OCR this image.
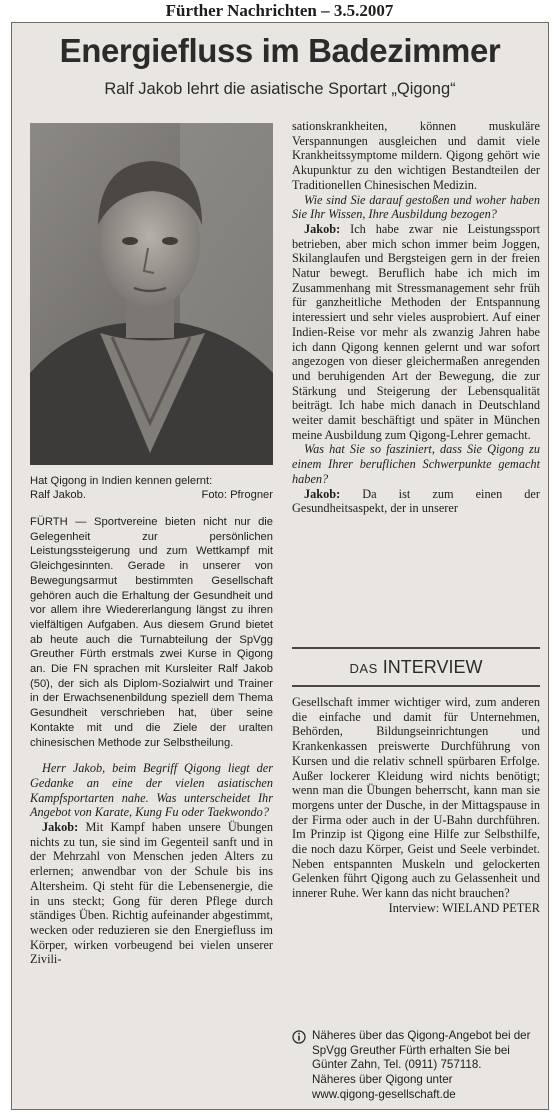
Fürther Nachrichten – 3.5.2007
Energiefluss im Badezimmer
Ralf Jakob lehrt die asiatische Sportart „Qigong“
Hat Qigong in Indien kennen gelernt:
Ralf Jakob.	Foto: Pfrogner

FÜRTH — Sportvereine bieten nicht nur die Gelegenheit zur persönlichen Leistungssteigerung und zum Wettkampf mit Gleichgesinnten. Gerade in unserer von Bewegungsarmut bestimmten Gesellschaft gehören auch die Erhaltung der Gesundheit und vor allem ihre Wiedererlangung längst zu ihren vielfältigen Aufgaben. Aus diesem Grund bietet ab heute auch die Turnabteilung der SpVgg Greuther Fürth erstmals zwei Kurse in Qigong an. Die FN sprachen mit Kursleiter Ralf Jakob (50), der sich als Diplom-Sozialwirt und Trainer in der Erwachsenenbildung speziell dem Thema Gesundheit verschrieben hat, über seine Kontakte mit und die Ziele der uralten chinesischen Methode zur Selbstheilung.

Herr Jakob, beim Begriff Qigong liegt der Gedanke an eine der vielen asiatischen Kampfsportarten nahe. Was unterscheidet Ihr Angebot von Karate, Kung Fu oder Taekwondo?

Jakob: Mit Kampf haben unsere Übungen nichts zu tun, sie sind im Gegenteil sanft und in der Mehrzahl von Menschen jeden Alters zu erlernen; anwendbar von der Schule bis ins Altersheim. Qi steht für die Lebensenergie, die in uns steckt; Gong für deren Pflege durch ständiges Üben. Richtig aufeinander abgestimmt, wecken oder reduzieren sie den Energiefluss im Körper, wirken vorbeugend bei vielen unserer Zivili-

sationskrankheiten, können muskuläre Verspannungen ausgleichen und damit viele Krankheitssymptome mildern. Qigong gehört wie Akupunktur zu den wichtigen Bestandteilen der Traditionellen Chinesischen Medizin.

Wie sind Sie darauf gestoßen und woher haben Sie Ihr Wissen, Ihre Ausbildung bezogen?

Jakob: Ich habe zwar nie Leistungssport betrieben, aber mich schon immer beim Joggen, Skilanglaufen und Bergsteigen gern in der freien Natur bewegt. Beruflich habe ich mich im Zusammenhang mit Stressmanagement sehr früh für ganzheitliche Methoden der Entspannung interessiert und sehr vieles ausprobiert. Auf einer Indien-Reise vor mehr als zwanzig Jahren habe ich dann Qigong kennen gelernt und war sofort angezogen von dieser gleichermaßen anregenden und beruhigenden Art der Bewegung, die zur Stärkung und Steigerung der Lebensqualität beiträgt. Ich habe mich danach in Deutschland weiter damit beschäftigt und später in München meine Ausbildung zum Qigong-Lehrer gemacht.

Was hat Sie so fasziniert, dass Sie Qigong zu einem Ihrer beruflichen Schwerpunkte gemacht haben?

Jakob: Da ist zum einen der Gesundheitsaspekt, der in unserer

DAS INTERVIEW

Gesellschaft immer wichtiger wird, zum anderen die einfache und damit für Unternehmen, Behörden, Bildungseinrichtungen und Krankenkassen preiswerte Durchführung von Kursen und die relativ schnell spürbaren Erfolge. Außer lockerer Kleidung wird nichts benötigt; wenn man die Übungen beherrscht, kann man sie morgens unter der Dusche, in der Mittagspause in der Firma oder auch in der U-Bahn durchführen. Im Prinzip ist Qigong eine Hilfe zur Selbsthilfe, die noch dazu Körper, Geist und Seele verbindet. Neben entspannten Muskeln und gelockerten Gelenken führt Qigong auch zu Gelassenheit und innerer Ruhe. Wer kann das nicht brauchen?

Interview: WIELAND PETER

Näheres über das Qigong-Angebot bei der SpVgg Greuther Fürth erhalten Sie bei Günter Zahn, Tel. (0911) 757118.
Näheres über Qigong unter
www.qigong-gesellschaft.de
